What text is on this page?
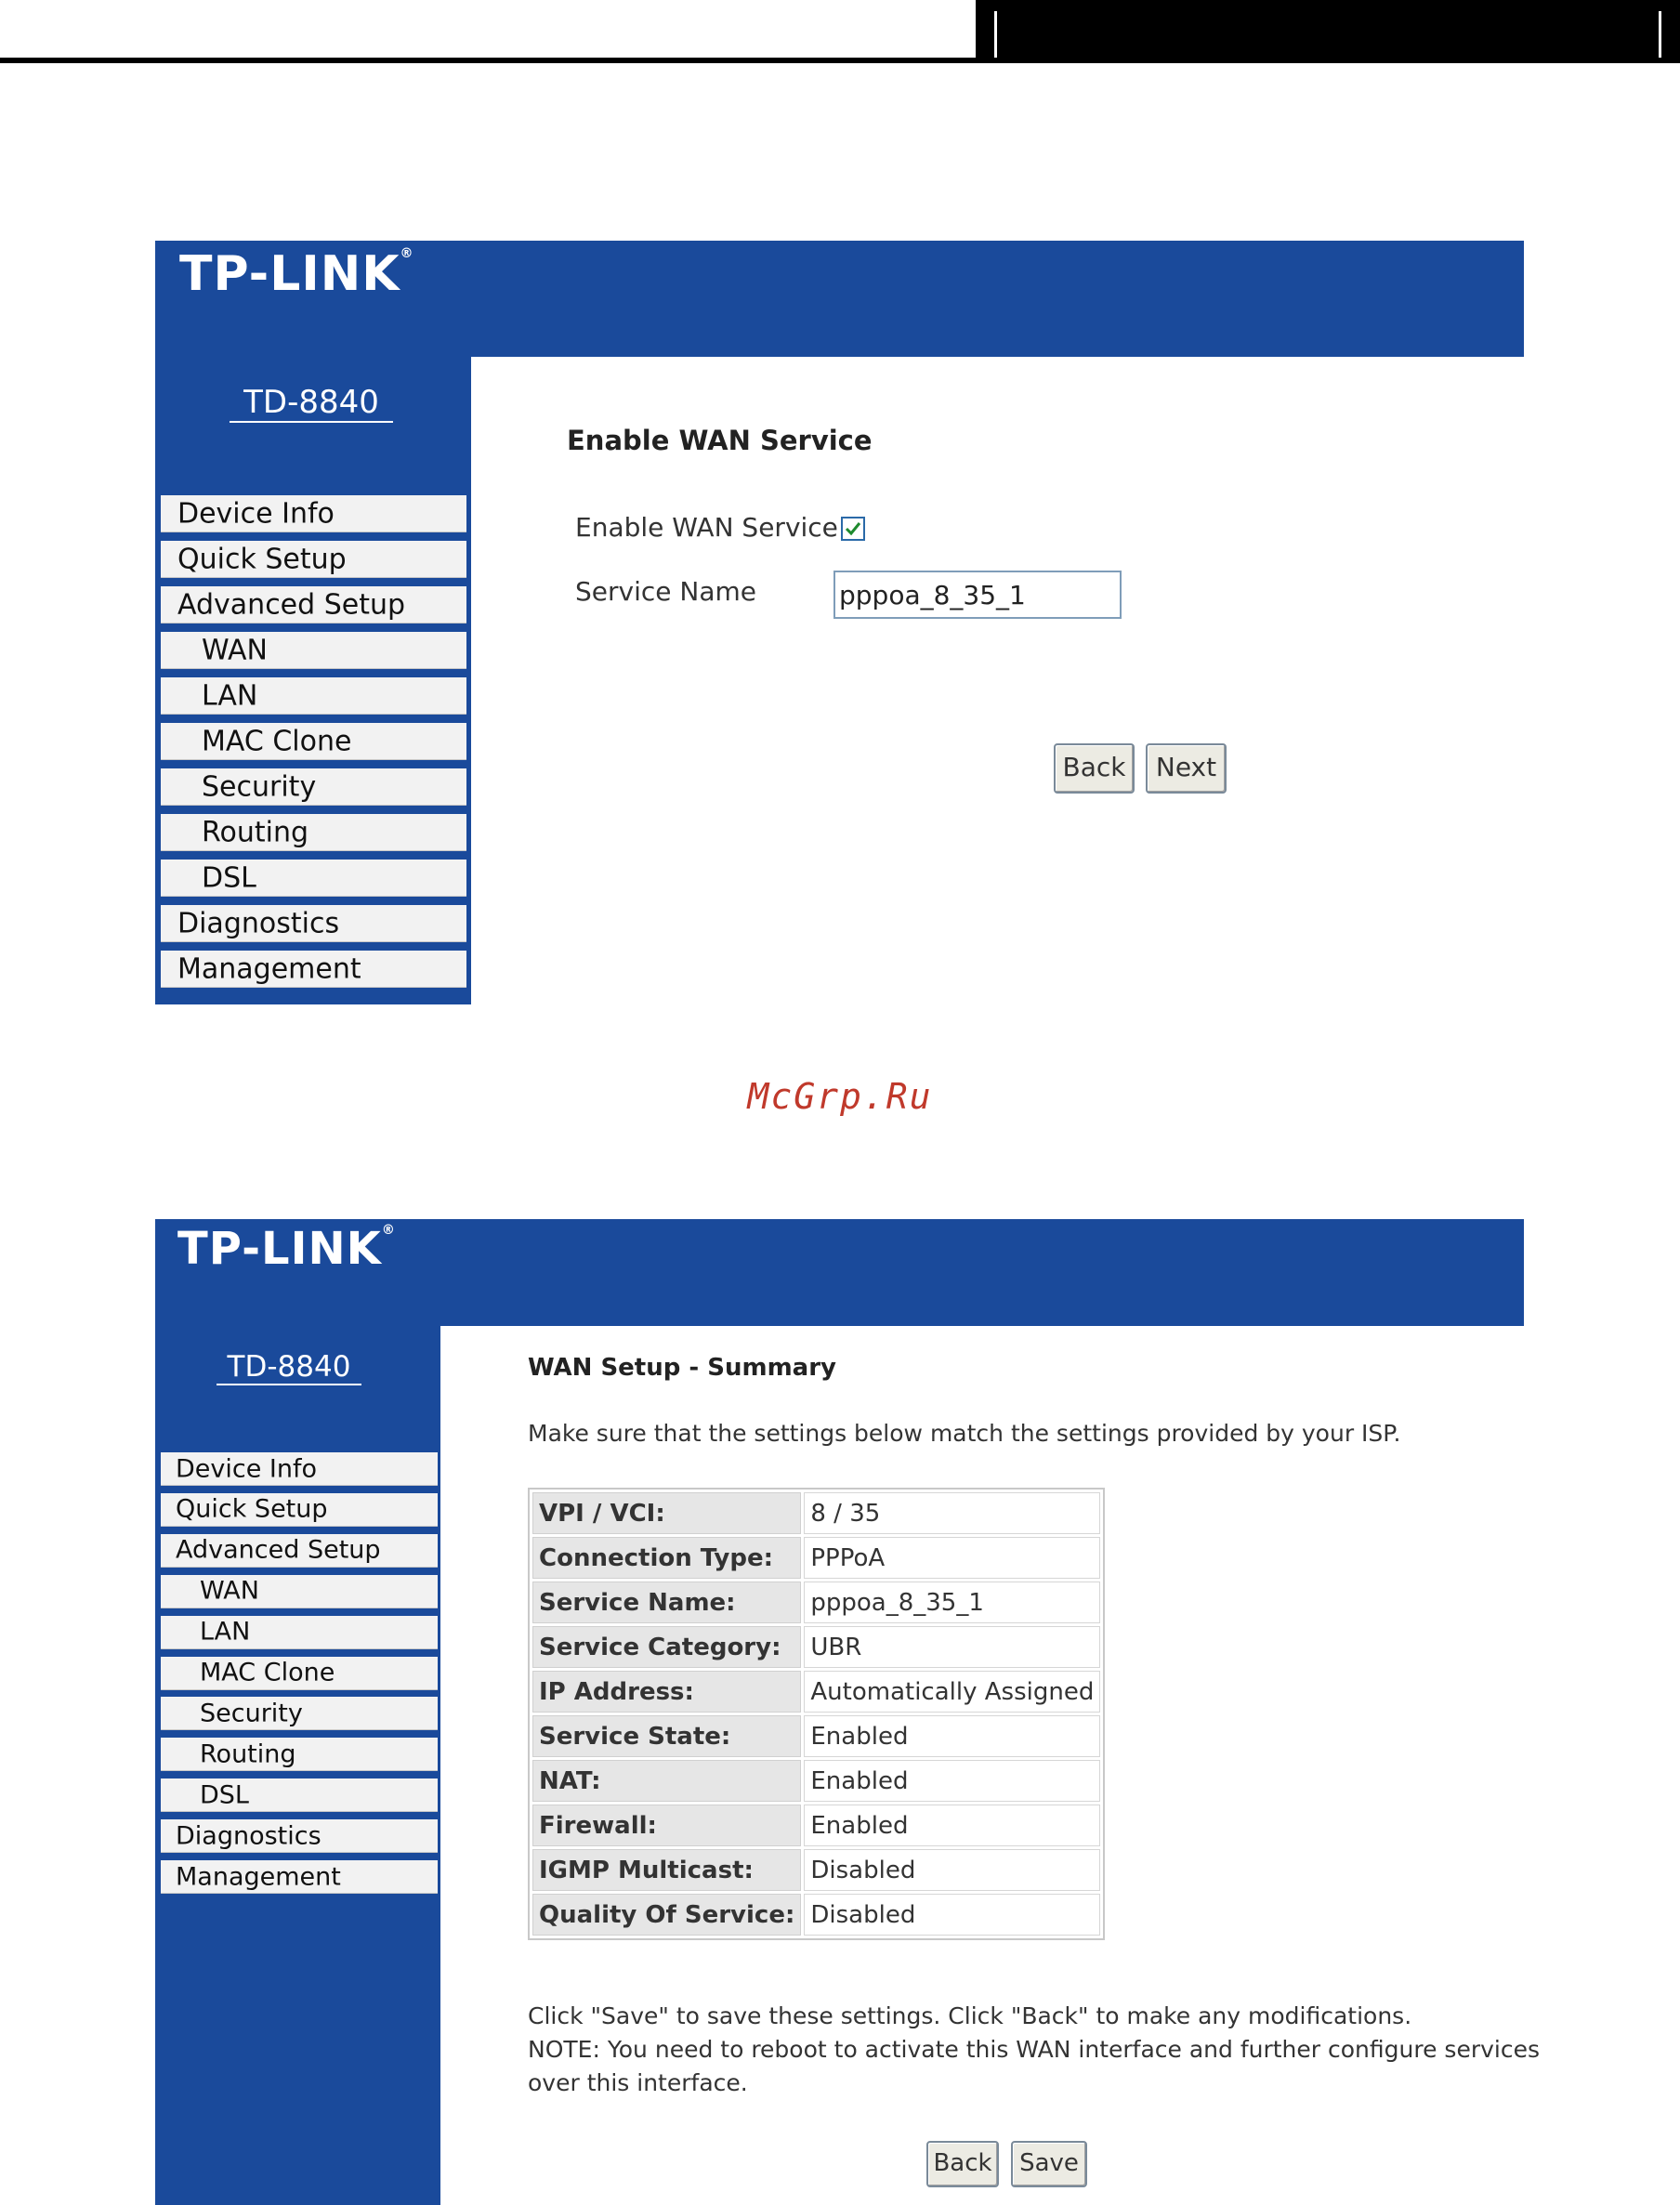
TP-LINK®
TD-8840
Device Info
Quick Setup
Advanced Setup
WAN
LAN
MAC Clone
Security
Routing
DSL
Diagnostics
Management
Enable WAN Service
Enable WAN Service
Service Name
pppoa_8_35_1
Back	Next
McGrp.Ru
TP-LINK®
TD-8840
Device Info
Quick Setup
Advanced Setup
WAN
LAN
MAC Clone
Security
Routing
DSL
Diagnostics
Management
WAN Setup - Summary
Make sure that the settings below match the settings provided by your ISP.
VPI / VCI:	8 / 35
Connection Type:	PPPoA
Service Name:	pppoa_8_35_1
Service Category:	UBR
IP Address:	Automatically Assigned
Service State:	Enabled
NAT:	Enabled
Firewall:	Enabled
IGMP Multicast:	Disabled
Quality Of Service:	Disabled
Click "Save" to save these settings. Click "Back" to make any modifications.
NOTE: You need to reboot to activate this WAN interface and further configure services
over this interface.
Back	Save
